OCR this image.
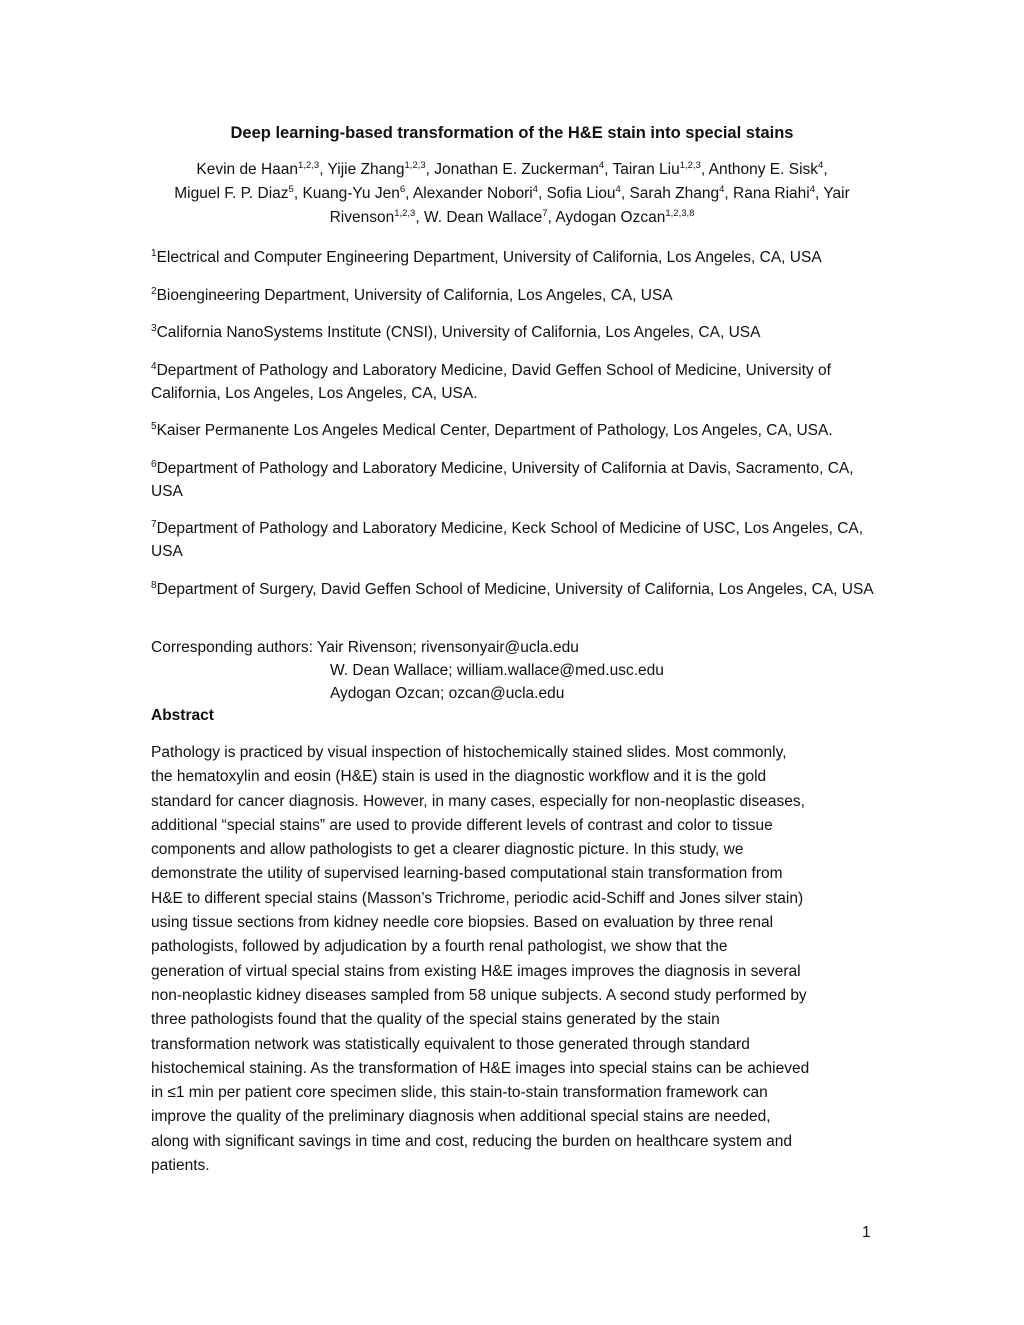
Deep learning-based transformation of the H&E stain into special stains
Kevin de Haan$^{1,2,3}$, Yijie Zhang$^{1,2,3}$, Jonathan E. Zuckerman$^4$, Tairan Liu$^{1,2,3}$, Anthony E. Sisk$^4$,
Miguel F. P. Diaz$^5$, Kuang-Yu Jen$^6$, Alexander Nobori$^4$, Sofia Liou$^4$, Sarah Zhang$^4$, Rana Riahi$^4$, Yair Rivenson$^{1,2,3}$, W. Dean Wallace$^7$, Aydogan Ozcan$^{1,2,3,8}$

$^1$Electrical and Computer Engineering Department, University of California, Los Angeles, CA, USA

$^2$Bioengineering Department, University of California, Los Angeles, CA, USA

$^3$California NanoSystems Institute (CNSI), University of California, Los Angeles, CA, USA

$^4$Department of Pathology and Laboratory Medicine, David Geffen School of Medicine, University of California, Los Angeles, Los Angeles, CA, USA.

$^5$Kaiser Permanente Los Angeles Medical Center, Department of Pathology, Los Angeles, CA, USA.

$^6$Department of Pathology and Laboratory Medicine, University of California at Davis, Sacramento, CA, USA

$^7$Department of Pathology and Laboratory Medicine, Keck School of Medicine of USC, Los Angeles, CA, USA

$^8$Department of Surgery, David Geffen School of Medicine, University of California, Los Angeles, CA, USA

Corresponding authors: Yair Rivenson; rivensonyair@ucla.edu
W. Dean Wallace; william.wallace@med.usc.edu
Aydogan Ozcan; ozcan@ucla.edu
Abstract
Pathology is practiced by visual inspection of histochemically stained slides. Most commonly,
the hematoxylin and eosin (H&E) stain is used in the diagnostic workflow and it is the gold
standard for cancer diagnosis. However, in many cases, especially for non-neoplastic diseases,
additional “special stains” are used to provide different levels of contrast and color to tissue
components and allow pathologists to get a clearer diagnostic picture. In this study, we
demonstrate the utility of supervised learning-based computational stain transformation from
H&E to different special stains (Masson’s Trichrome, periodic acid-Schiff and Jones silver stain)
using tissue sections from kidney needle core biopsies. Based on evaluation by three renal
pathologists, followed by adjudication by a fourth renal pathologist, we show that the
generation of virtual special stains from existing H&E images improves the diagnosis in several
non-neoplastic kidney diseases sampled from 58 unique subjects. A second study performed by
three pathologists found that the quality of the special stains generated by the stain
transformation network was statistically equivalent to those generated through standard
histochemical staining. As the transformation of H&E images into special stains can be achieved
in ≤1 min per patient core specimen slide, this stain-to-stain transformation framework can
improve the quality of the preliminary diagnosis when additional special stains are needed,
along with significant savings in time and cost, reducing the burden on healthcare system and
patients.
1
